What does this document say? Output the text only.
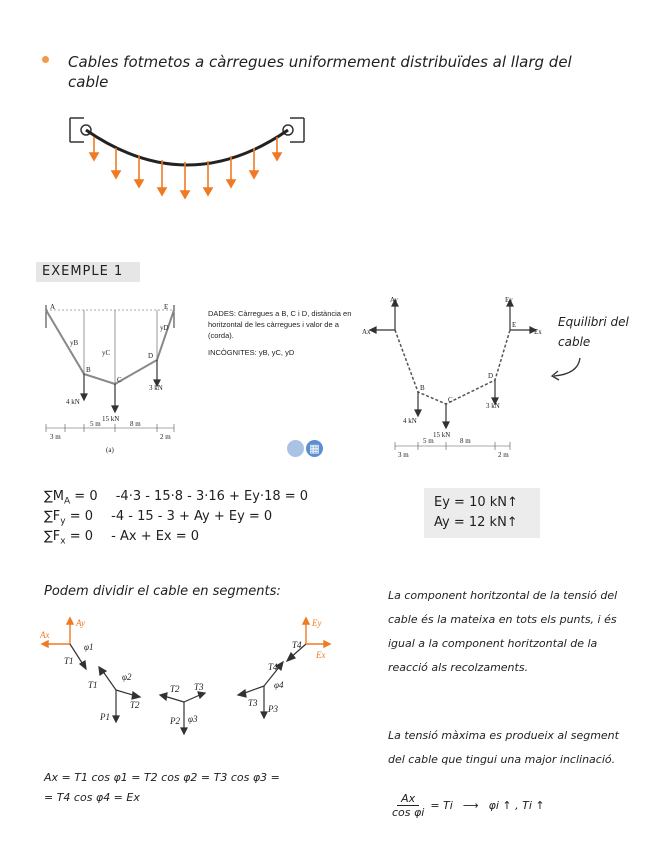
Cables fotmetos a càrregues uniformement distribuïdes al llarg del cable
EXEMPLE 1
A	E
B
C
D
yB
yC
yD
4 kN
15 kN
3 kN
3 m
5 m	8 m
2 m
(a)

DADES: Càrregues a B, C i D, distància en horitzontal de les càrregues i valor de a (corda).

INCÒGNITES: yB, yC, yD

▦
Ay
Ax
Ey
Ex
E
B
C
D
4 kN
15 kN
3 kN
3 m
5 m	8 m
2 m
Equilibri del cable
$\sum M_A = 0$ -4·3 - 15·8 - 3·16 + Ey·18 = 0
$\sum F_y = 0$ -4 - 15 - 3 + Ay + Ey = 0
$\sum F_x = 0 - Ax + Ex = 0$
Ey = 10 kN↑
Ay = 12 kN↑
Podem dividir el cable en segments:
Ax
Ay
T1
φ1
T1
φ2
T2
P1
T2 T3
P2 φ3
T3
P3
T4
φ4
T4
Ey
Ex
Ax = T1 cos φ1 = T2 cos φ2 = T3 cos φ3 =
= T4 cos φ4 = Ex
La component horitzontal de la tensió del cable és la mateixa en tots els punts, i és igual a la component horitzontal de la reacció als recolzaments.
La tensió màxima es produeix al segment del cable que tingui una major inclinació.
$\frac{Ax}{\text{cos φi}} = Ti$ ⟶ φi ↑ , Ti ↑
